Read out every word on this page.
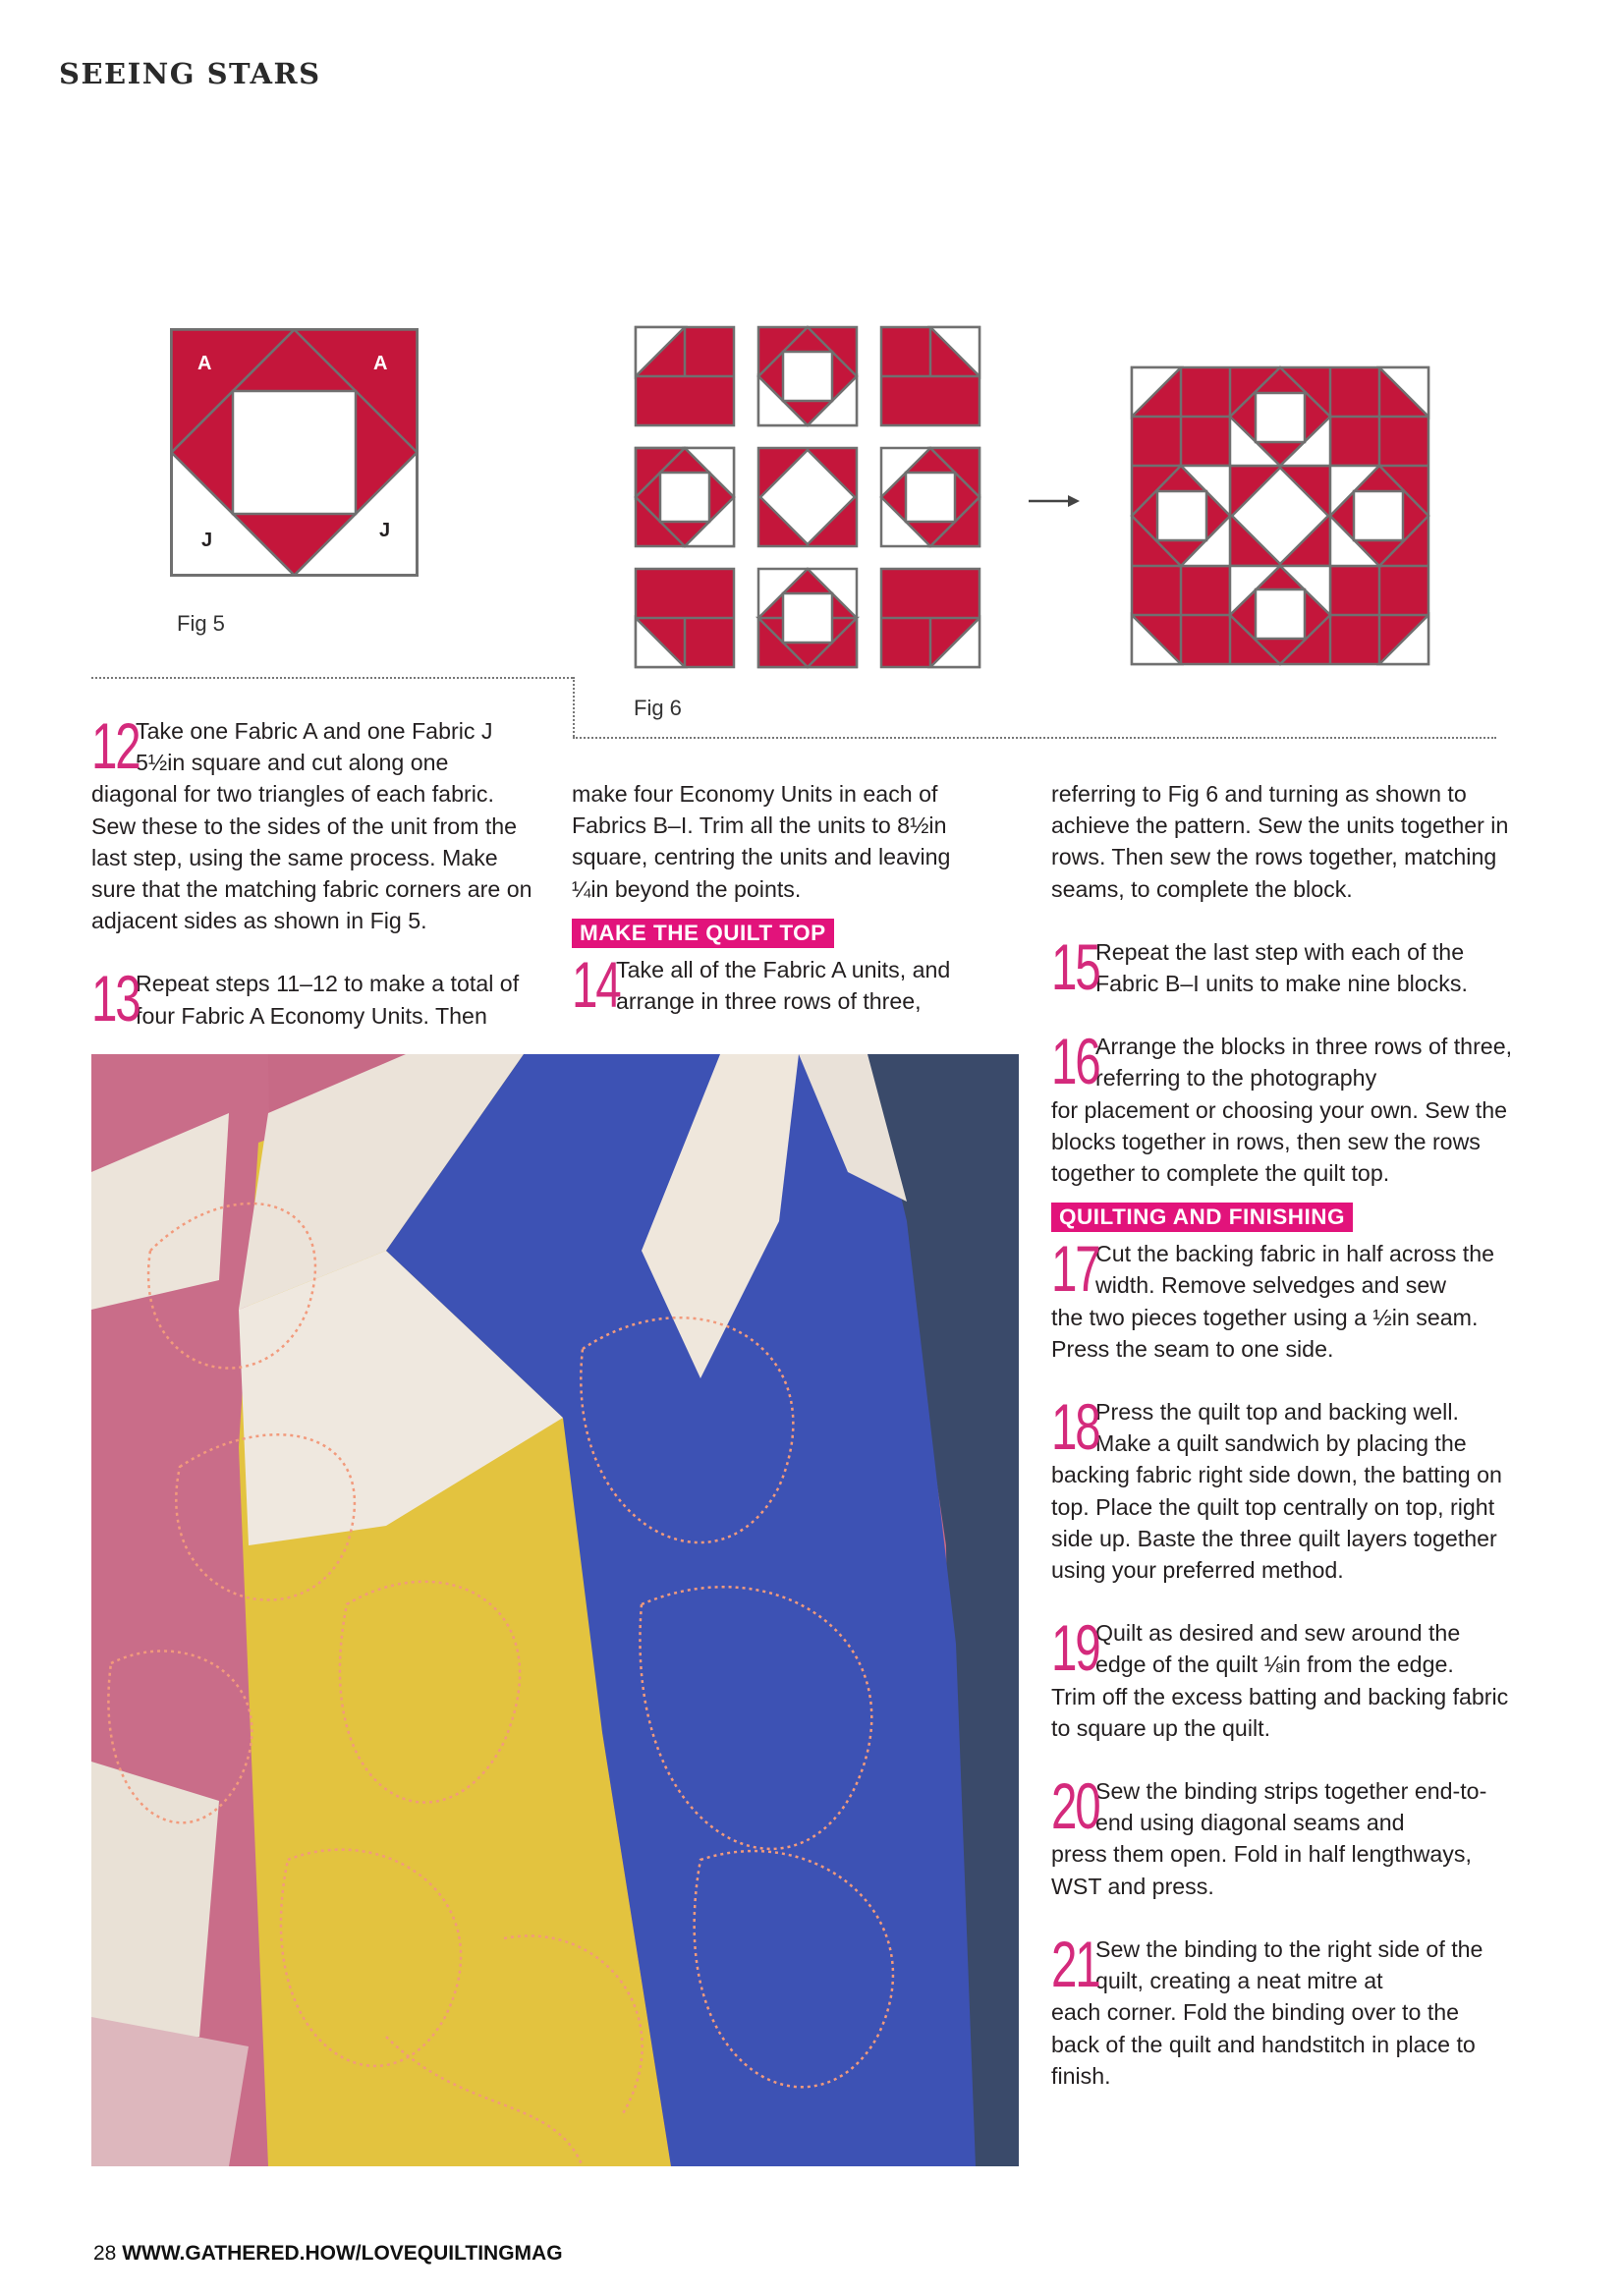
SEEING STARS
A	A
J	J
Fig 5
Fig 6
12
Take one Fabric A and one Fabric J 5½in square and cut along one
diagonal for two triangles of each fabric. Sew these to the sides of the unit from the last step, using the same process. Make sure that the matching fabric corners are on adjacent sides as shown in Fig 5.
13
Repeat steps 11–12 to make a total of four Fabric A Economy Units. Then
make four Economy Units in each of Fabrics B–I. Trim all the units to 8½in square, centring the units and leaving ¼in beyond the points.
MAKE THE QUILT TOP
14
Take all of the Fabric A units, and arrange in three rows of three,
referring to Fig 6 and turning as shown to achieve the pattern. Sew the units together in rows. Then sew the rows together, matching seams, to complete the block.
15
Repeat the last step with each of the Fabric B–I units to make nine blocks.
16
Arrange the blocks in three rows of three, referring to the photography
for placement or choosing your own. Sew the blocks together in rows, then sew the rows together to complete the quilt top.
QUILTING AND FINISHING
17
Cut the backing fabric in half across the width. Remove selvedges and sew
the two pieces together using a ½in seam. Press the seam to one side.
18
Press the quilt top and backing well. Make a quilt sandwich by placing the
backing fabric right side down, the batting on top. Place the quilt top centrally on top, right side up. Baste the three quilt layers together using your preferred method.
19
Quilt as desired and sew around the edge of the quilt ⅛in from the edge.
Trim off the excess batting and backing fabric to square up the quilt.
20
Sew the binding strips together end-to-end using diagonal seams and
press them open. Fold in half lengthways, WST and press.
21
Sew the binding to the right side of the quilt, creating a neat mitre at
each corner. Fold the binding over to the back of the quilt and handstitch in place to finish.
28 WWW.GATHERED.HOW/LOVEQUILTINGMAG
